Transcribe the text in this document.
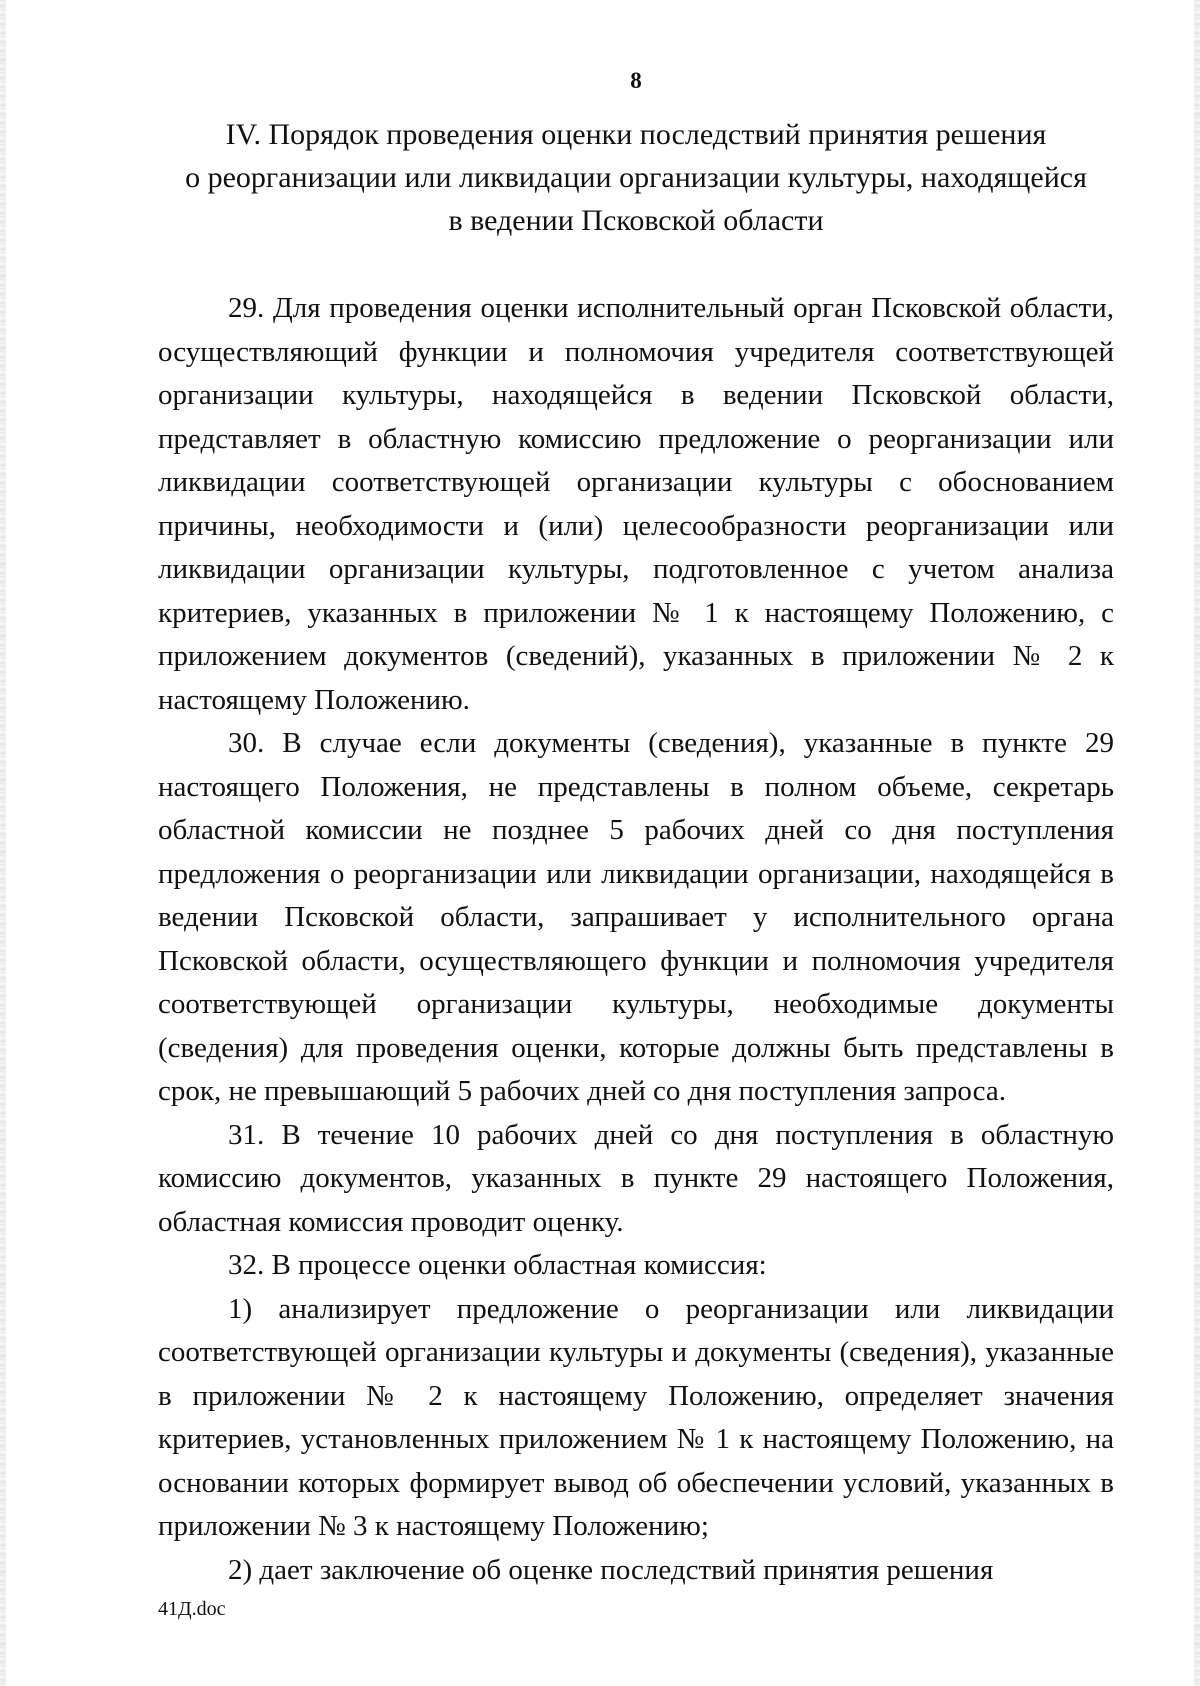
8
IV. Порядок проведения оценки последствий принятия решения
о реорганизации или ликвидации организации культуры, находящейся
в ведении Псковской области

29. Для проведения оценки исполнительный орган Псковской области, осуществляющий функции и полномочия учредителя соответствующей организации культуры, находящейся в ведении Псковской области, представляет в областную комиссию предложение о реорганизации или ликвидации соответствующей организации культуры с обоснованием причины, необходимости и (или) целесообразности реорганизации или ликвидации организации культуры, подготовленное с учетом анализа критериев, указанных в приложении № 1 к настоящему Положению, с приложением документов (сведений), указанных в приложении № 2 к настоящему Положению.

30. В случае если документы (сведения), указанные в пункте 29 настоящего Положения, не представлены в полном объеме, секретарь областной комиссии не позднее 5 рабочих дней со дня поступления предложения о реорганизации или ликвидации организации, находящейся в ведении Псковской области, запрашивает у исполнительного органа Псковской области, осуществляющего функции и полномочия учредителя соответствующей организации культуры, необходимые документы (сведения) для проведения оценки, которые должны быть представлены в срок, не превышающий 5 рабочих дней со дня поступления запроса.

31. В течение 10 рабочих дней со дня поступления в областную комиссию документов, указанных в пункте 29 настоящего Положения, областная комиссия проводит оценку.

32. В процессе оценки областная комиссия:

1) анализирует предложение о реорганизации или ликвидации соответствующей организации культуры и документы (сведения), указанные в приложении № 2 к настоящему Положению, определяет значения критериев, установленных приложением № 1 к настоящему Положению, на основании которых формирует вывод об обеспечении условий, указанных в приложении № 3 к настоящему Положению;

2) дает заключение об оценке последствий принятия решения

41Д.doc
